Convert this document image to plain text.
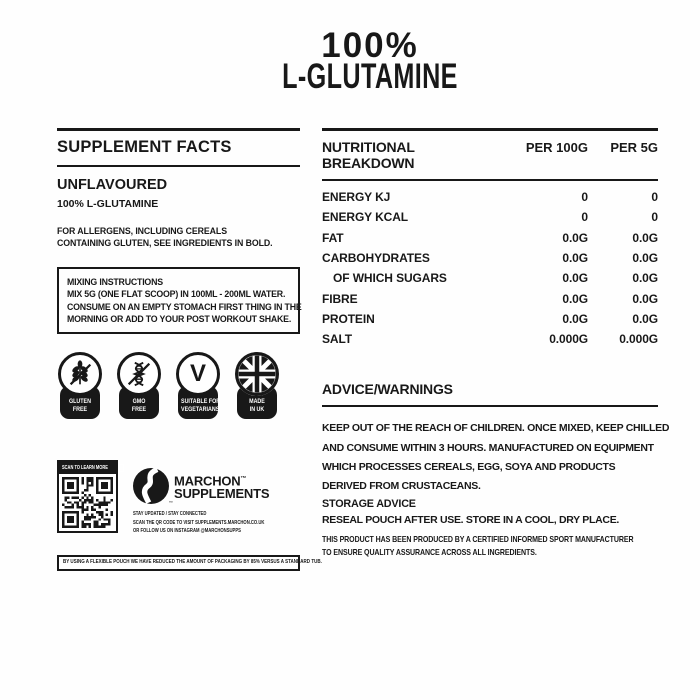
100%
L-GLUTAMINE
SUPPLEMENT FACTS
UNFLAVOURED
100% L-GLUTAMINE
FOR ALLERGENS, INCLUDING CEREALS
CONTAINING GLUTEN, SEE INGREDIENTS IN BOLD.
MIXING INSTRUCTIONS
MIX 5G (ONE FLAT SCOOP) IN 100ML - 200ML WATER.
CONSUME ON AN EMPTY STOMACH FIRST THING IN THE
MORNING OR ADD TO YOUR POST WORKOUT SHAKE.
GLUTEN
FREE
GMO
FREE
V
SUITABLE FOR
VEGETARIANS
MADE
IN UK
SCAN TO LEARN MORE
™
MARCHON™
SUPPLEMENTS
STAY UPDATED / STAY CONNECTED
SCAN THE QR CODE TO VISIT SUPPLEMENTS.MARCHON.CO.UK
OR FOLLOW US ON INSTAGRAM @MARCHONSUPPS
BY USING A FLEXIBLE POUCH WE HAVE REDUCED THE AMOUNT OF PACKAGING BY 85% VERSUS A STANDARD TUB.
NUTRITIONAL BREAKDOWN
PER 100G	PER 5G
ENERGY KJ	0	0
ENERGY KCAL	0	0
FAT	0.0G	0.0G
CARBOHYDRATES	0.0G	0.0G
OF WHICH SUGARS	0.0G	0.0G
FIBRE	0.0G	0.0G
PROTEIN	0.0G	0.0G
SALT	0.000G	0.000G
ADVICE/WARNINGS
KEEP OUT OF THE REACH OF CHILDREN. ONCE MIXED, KEEP CHILLED
AND CONSUME WITHIN 3 HOURS. MANUFACTURED ON EQUIPMENT
WHICH PROCESSES CEREALS, EGG, SOYA AND PRODUCTS
DERIVED FROM CRUSTACEANS.
STORAGE ADVICE
RESEAL POUCH AFTER USE. STORE IN A COOL, DRY PLACE.
THIS PRODUCT HAS BEEN PRODUCED BY A CERTIFIED INFORMED SPORT MANUFACTURER
TO ENSURE QUALITY ASSURANCE ACROSS ALL INGREDIENTS.
